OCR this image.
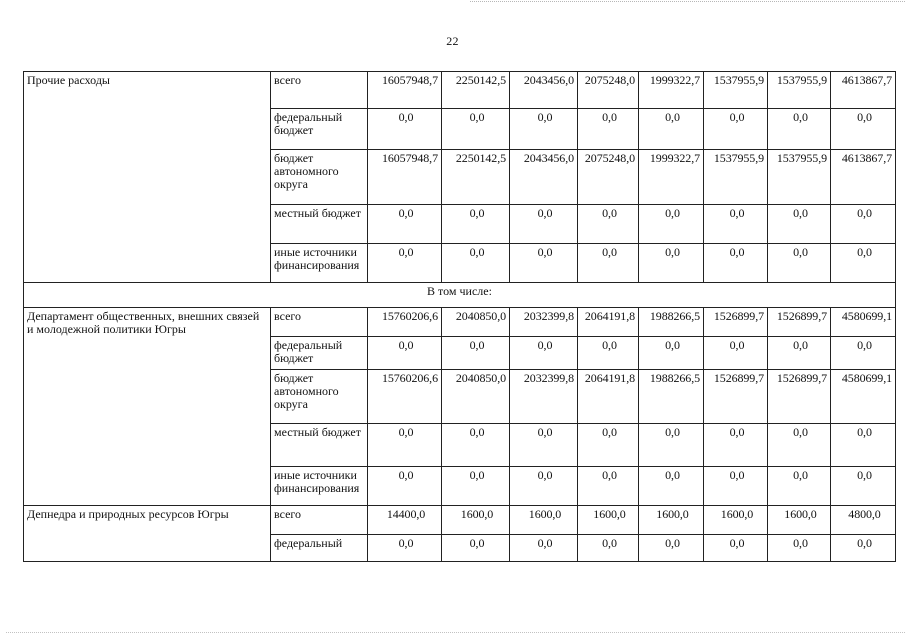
22
Прочие расходы	всего	16057948,7	2250142,5	2043456,0	2075248,0	1999322,7	1537955,9	1537955,9	4613867,7
	федеральный бюджет	0,0	0,0	0,0	0,0	0,0	0,0	0,0	0,0
	бюджет автономного округа	16057948,7	2250142,5	2043456,0	2075248,0	1999322,7	1537955,9	1537955,9	4613867,7
	местный бюджет	0,0	0,0	0,0	0,0	0,0	0,0	0,0	0,0
	иные источники финансирования	0,0	0,0	0,0	0,0	0,0	0,0	0,0	0,0
В том числе:									
Департамент общественных, внешних связей и молодежной политики Югры	всего	15760206,6	2040850,0	2032399,8	2064191,8	1988266,5	1526899,7	1526899,7	4580699,1
	федеральный бюджет	0,0	0,0	0,0	0,0	0,0	0,0	0,0	0,0
	бюджет автономного округа	15760206,6	2040850,0	2032399,8	2064191,8	1988266,5	1526899,7	1526899,7	4580699,1
	местный бюджет	0,0	0,0	0,0	0,0	0,0	0,0	0,0	0,0
	иные источники финансирования	0,0	0,0	0,0	0,0	0,0	0,0	0,0	0,0
Депнедра и природных ресурсов Югры	всего	14400,0	1600,0	1600,0	1600,0	1600,0	1600,0	1600,0	4800,0
	федеральный	0,0	0,0	0,0	0,0	0,0	0,0	0,0	0,0
